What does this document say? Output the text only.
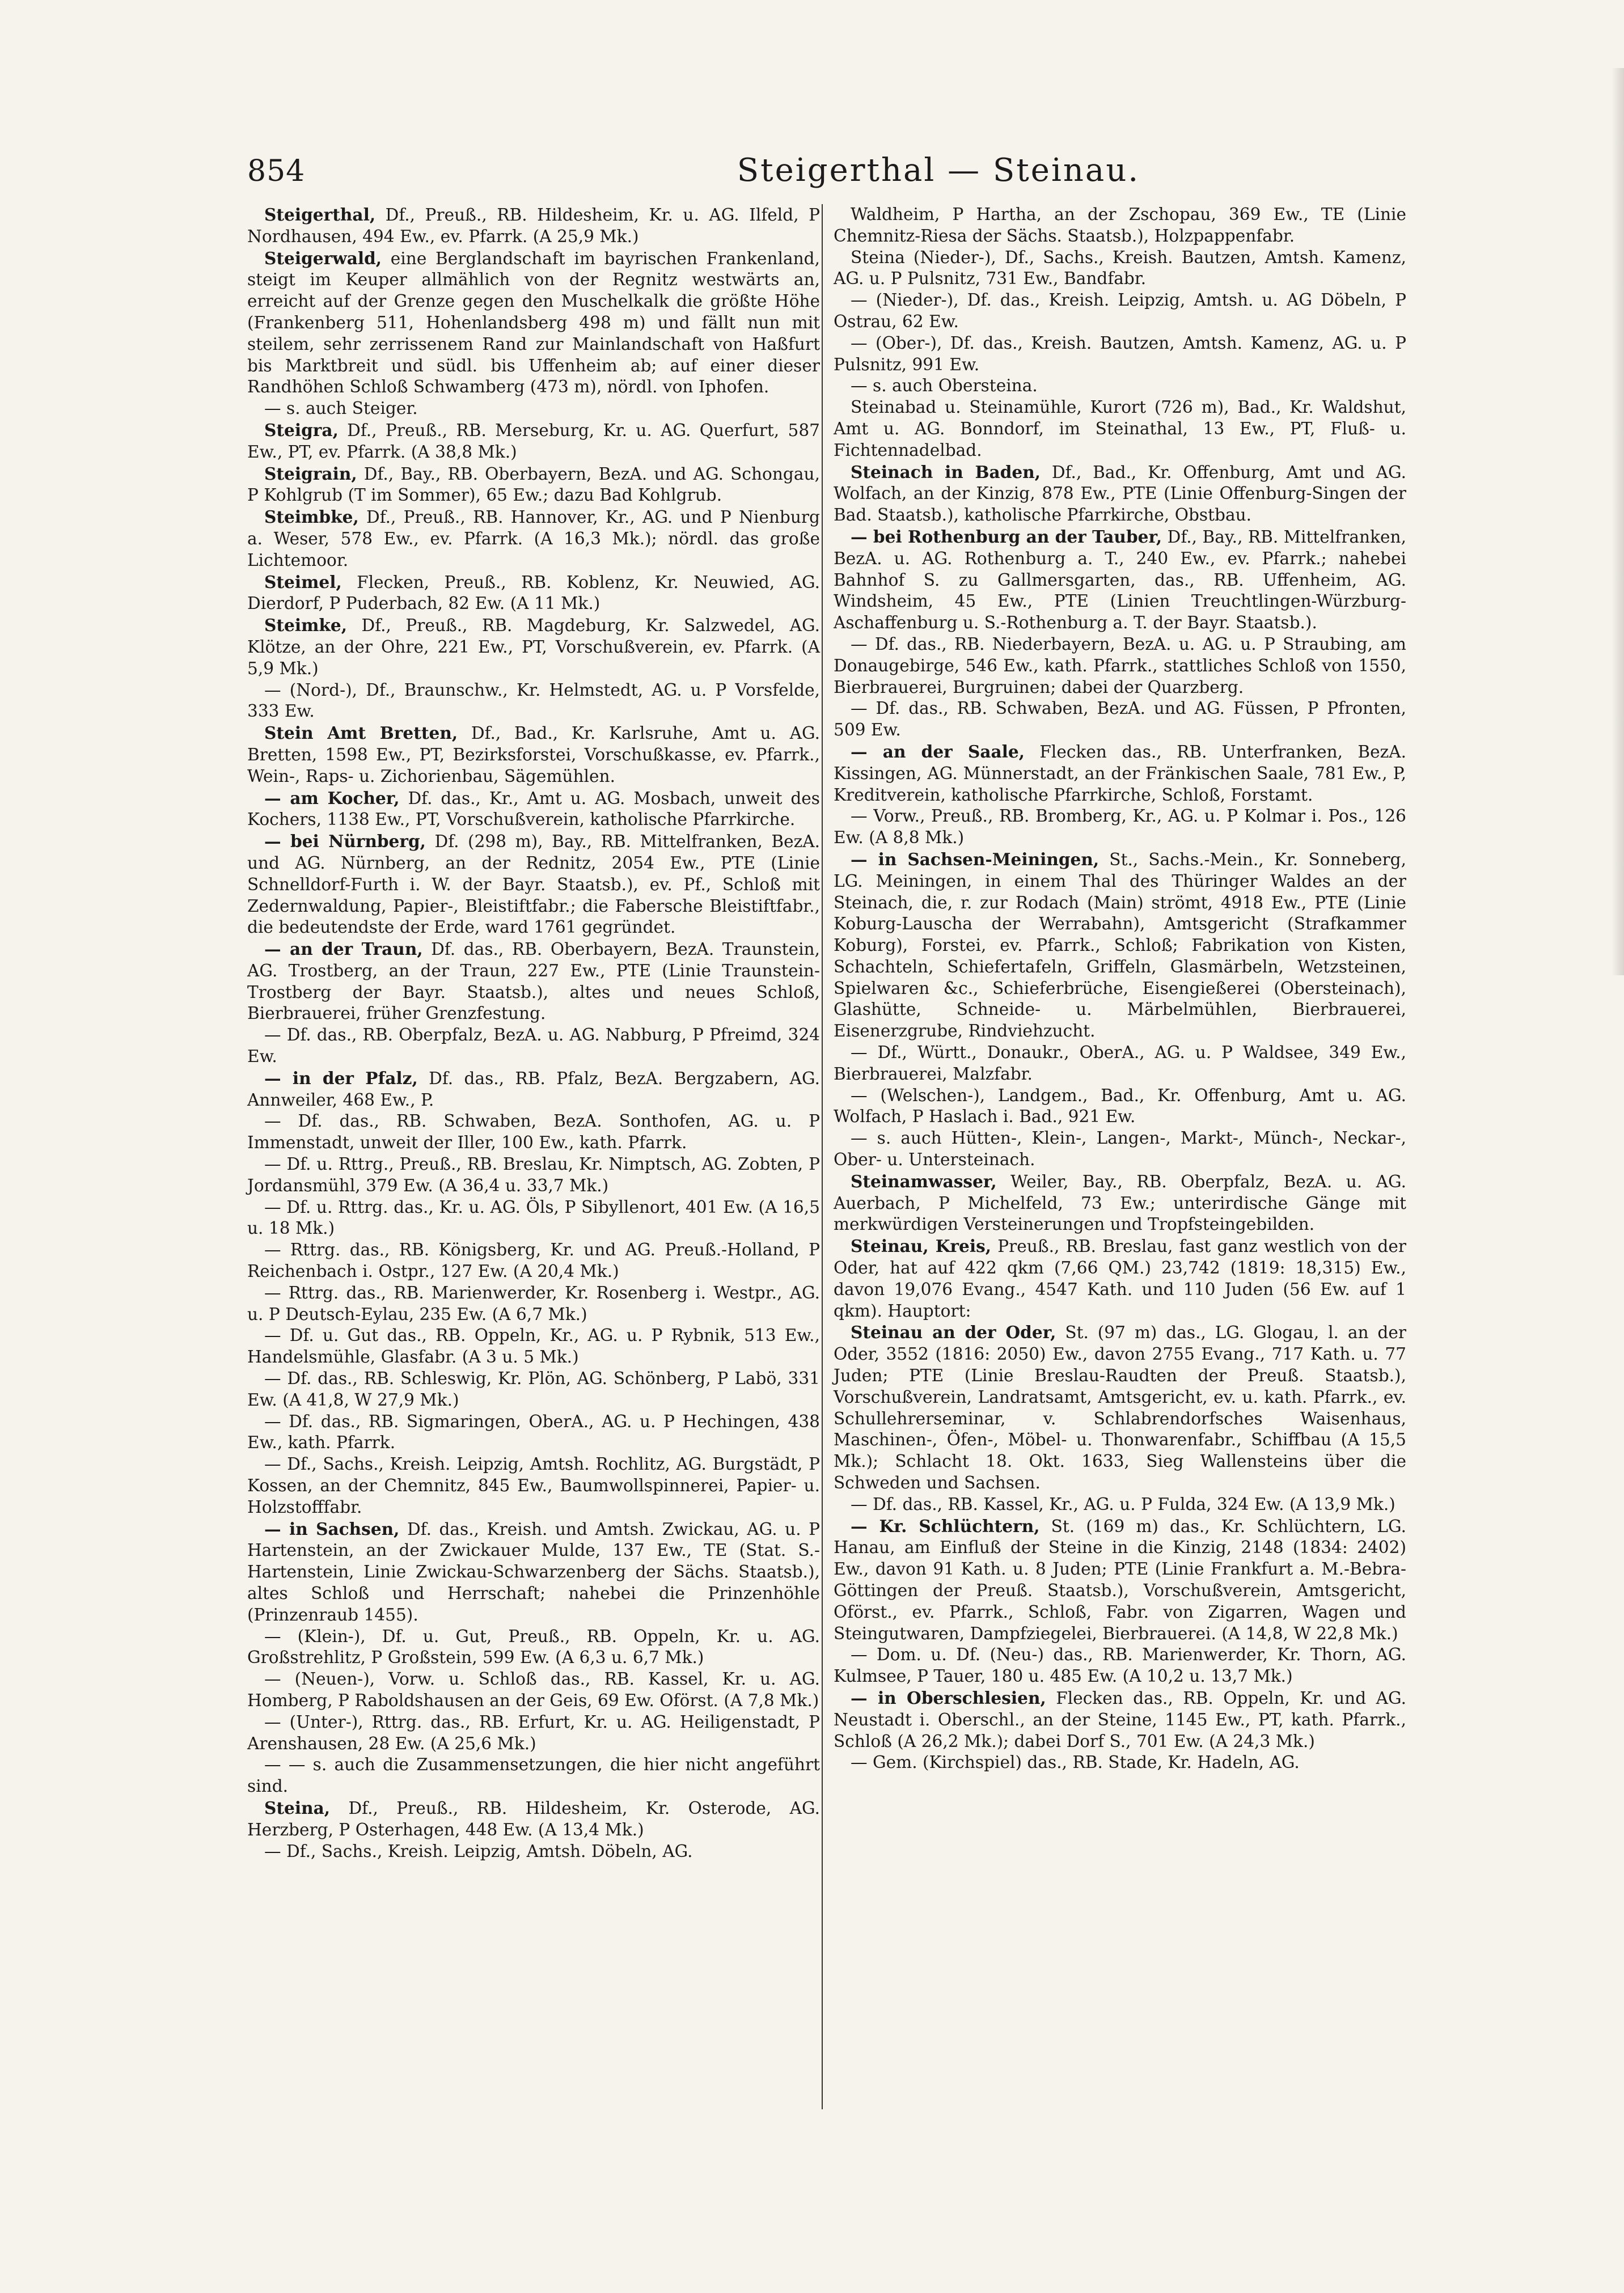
854	Steigerthal — Steinau.

Steigerthal, Df., Preuß., RB. Hildesheim, Kr. u. AG. Ilfeld, P Nordhausen, 494 Ew., ev. Pfarrk. (A 25,9 Mk.)

Steigerwald, eine Berglandschaft im bayrischen Frankenland, steigt im Keuper allmählich von der Regnitz westwärts an, erreicht auf der Grenze gegen den Muschelkalk die größte Höhe (Frankenberg 511, Hohenlandsberg 498 m) und fällt nun mit steilem, sehr zerrissenem Rand zur Mainlandschaft von Haßfurt bis Marktbreit und südl. bis Uffenheim ab; auf einer dieser Randhöhen Schloß Schwamberg (473 m), nördl. von Iphofen.

— s. auch Steiger.

Steigra, Df., Preuß., RB. Merseburg, Kr. u. AG. Querfurt, 587 Ew., PT, ev. Pfarrk. (A 38,8 Mk.)

Steigrain, Df., Bay., RB. Oberbayern, BezA. und AG. Schongau, P Kohlgrub (T im Sommer), 65 Ew.; dazu Bad Kohlgrub.

Steimbke, Df., Preuß., RB. Hannover, Kr., AG. und P Nienburg a. Weser, 578 Ew., ev. Pfarrk. (A 16,3 Mk.); nördl. das große Lichtemoor.

Steimel, Flecken, Preuß., RB. Koblenz, Kr. Neuwied, AG. Dierdorf, P Puderbach, 82 Ew. (A 11 Mk.)

Steimke, Df., Preuß., RB. Magdeburg, Kr. Salzwedel, AG. Klötze, an der Ohre, 221 Ew., PT, Vorschußverein, ev. Pfarrk. (A 5,9 Mk.)

— (Nord-), Df., Braunschw., Kr. Helmstedt, AG. u. P Vorsfelde, 333 Ew.

Stein Amt Bretten, Df., Bad., Kr. Karlsruhe, Amt u. AG. Bretten, 1598 Ew., PT, Bezirksforstei, Vorschußkasse, ev. Pfarrk., Wein-, Raps- u. Zichorienbau, Sägemühlen.

— am Kocher, Df. das., Kr., Amt u. AG. Mosbach, unweit des Kochers, 1138 Ew., PT, Vorschußverein, katholische Pfarrkirche.

— bei Nürnberg, Df. (298 m), Bay., RB. Mittelfranken, BezA. und AG. Nürnberg, an der Rednitz, 2054 Ew., PTE (Linie Schnelldorf-Furth i. W. der Bayr. Staatsb.), ev. Pf., Schloß mit Zedernwaldung, Papier-, Bleistiftfabr.; die Fabersche Bleistiftfabr., die bedeutendste der Erde, ward 1761 gegründet.

— an der Traun, Df. das., RB. Oberbayern, BezA. Traunstein, AG. Trostberg, an der Traun, 227 Ew., PTE (Linie Traunstein-Trostberg der Bayr. Staatsb.), altes und neues Schloß, Bierbrauerei, früher Grenzfestung.

— Df. das., RB. Oberpfalz, BezA. u. AG. Nabburg, P Pfreimd, 324 Ew.

— in der Pfalz, Df. das., RB. Pfalz, BezA. Bergzabern, AG. Annweiler, 468 Ew., P.

— Df. das., RB. Schwaben, BezA. Sonthofen, AG. u. P Immenstadt, unweit der Iller, 100 Ew., kath. Pfarrk.

— Df. u. Rttrg., Preuß., RB. Breslau, Kr. Nimptsch, AG. Zobten, P Jordansmühl, 379 Ew. (A 36,4 u. 33,7 Mk.)

— Df. u. Rttrg. das., Kr. u. AG. Öls, P Sibyllenort, 401 Ew. (A 16,5 u. 18 Mk.)

— Rttrg. das., RB. Königsberg, Kr. und AG. Preuß.-Holland, P Reichenbach i. Ostpr., 127 Ew. (A 20,4 Mk.)

— Rttrg. das., RB. Marienwerder, Kr. Rosenberg i. Westpr., AG. u. P Deutsch-Eylau, 235 Ew. (A 6,7 Mk.)

— Df. u. Gut das., RB. Oppeln, Kr., AG. u. P Rybnik, 513 Ew., Handelsmühle, Glasfabr. (A 3 u. 5 Mk.)

— Df. das., RB. Schleswig, Kr. Plön, AG. Schönberg, P Labö, 331 Ew. (A 41,8, W 27,9 Mk.)

— Df. das., RB. Sigmaringen, OberA., AG. u. P Hechingen, 438 Ew., kath. Pfarrk.

— Df., Sachs., Kreish. Leipzig, Amtsh. Rochlitz, AG. Burgstädt, P Kossen, an der Chemnitz, 845 Ew., Baumwollspinnerei, Papier- u. Holzstofffabr.

— in Sachsen, Df. das., Kreish. und Amtsh. Zwickau, AG. u. P Hartenstein, an der Zwickauer Mulde, 137 Ew., TE (Stat. S.-Hartenstein, Linie Zwickau-Schwarzenberg der Sächs. Staatsb.), altes Schloß und Herrschaft; nahebei die Prinzenhöhle (Prinzenraub 1455).

— (Klein-), Df. u. Gut, Preuß., RB. Oppeln, Kr. u. AG. Großstrehlitz, P Großstein, 599 Ew. (A 6,3 u. 6,7 Mk.)

— (Neuen-), Vorw. u. Schloß das., RB. Kassel, Kr. u. AG. Homberg, P Raboldshausen an der Geis, 69 Ew. Oförst. (A 7,8 Mk.)

— (Unter-), Rttrg. das., RB. Erfurt, Kr. u. AG. Heiligenstadt, P Arenshausen, 28 Ew. (A 25,6 Mk.)

— — s. auch die Zusammensetzungen, die hier nicht angeführt sind.

Steina, Df., Preuß., RB. Hildesheim, Kr. Osterode, AG. Herzberg, P Osterhagen, 448 Ew. (A 13,4 Mk.)

— Df., Sachs., Kreish. Leipzig, Amtsh. Döbeln, AG.

Waldheim, P Hartha, an der Zschopau, 369 Ew., TE (Linie Chemnitz-Riesa der Sächs. Staatsb.), Holzpappenfabr.

Steina (Nieder-), Df., Sachs., Kreish. Bautzen, Amtsh. Kamenz, AG. u. P Pulsnitz, 731 Ew., Bandfabr.

— (Nieder-), Df. das., Kreish. Leipzig, Amtsh. u. AG Döbeln, P Ostrau, 62 Ew.

— (Ober-), Df. das., Kreish. Bautzen, Amtsh. Kamenz, AG. u. P Pulsnitz, 991 Ew.

— s. auch Obersteina.

Steinabad u. Steinamühle, Kurort (726 m), Bad., Kr. Waldshut, Amt u. AG. Bonndorf, im Steinathal, 13 Ew., PT, Fluß- u. Fichtennadelbad.

Steinach in Baden, Df., Bad., Kr. Offenburg, Amt und AG. Wolfach, an der Kinzig, 878 Ew., PTE (Linie Offenburg-Singen der Bad. Staatsb.), katholische Pfarrkirche, Obstbau.

— bei Rothenburg an der Tauber, Df., Bay., RB. Mittelfranken, BezA. u. AG. Rothenburg a. T., 240 Ew., ev. Pfarrk.; nahebei Bahnhof S. zu Gallmersgarten, das., RB. Uffenheim, AG. Windsheim, 45 Ew., PTE (Linien Treuchtlingen-Würzburg-Aschaffenburg u. S.-Rothenburg a. T. der Bayr. Staatsb.).

— Df. das., RB. Niederbayern, BezA. u. AG. u. P Straubing, am Donaugebirge, 546 Ew., kath. Pfarrk., stattliches Schloß von 1550, Bierbrauerei, Burgruinen; dabei der Quarzberg.

— Df. das., RB. Schwaben, BezA. und AG. Füssen, P Pfronten, 509 Ew.

— an der Saale, Flecken das., RB. Unterfranken, BezA. Kissingen, AG. Münnerstadt, an der Fränkischen Saale, 781 Ew., P, Kreditverein, katholische Pfarrkirche, Schloß, Forstamt.

— Vorw., Preuß., RB. Bromberg, Kr., AG. u. P Kolmar i. Pos., 126 Ew. (A 8,8 Mk.)

— in Sachsen-Meiningen, St., Sachs.-Mein., Kr. Sonneberg, LG. Meiningen, in einem Thal des Thüringer Waldes an der Steinach, die, r. zur Rodach (Main) strömt, 4918 Ew., PTE (Linie Koburg-Lauscha der Werrabahn), Amtsgericht (Strafkammer Koburg), Forstei, ev. Pfarrk., Schloß; Fabrikation von Kisten, Schachteln, Schiefertafeln, Griffeln, Glasmärbeln, Wetzsteinen, Spielwaren &c., Schieferbrüche, Eisengießerei (Obersteinach), Glashütte, Schneide- u. Märbelmühlen, Bierbrauerei, Eisenerzgrube, Rindviehzucht.

— Df., Württ., Donaukr., OberA., AG. u. P Waldsee, 349 Ew., Bierbrauerei, Malzfabr.

— (Welschen-), Landgem., Bad., Kr. Offenburg, Amt u. AG. Wolfach, P Haslach i. Bad., 921 Ew.

— s. auch Hütten-, Klein-, Langen-, Markt-, Münch-, Neckar-, Ober- u. Untersteinach.

Steinamwasser, Weiler, Bay., RB. Oberpfalz, BezA. u. AG. Auerbach, P Michelfeld, 73 Ew.; unterirdische Gänge mit merkwürdigen Versteinerungen und Tropfsteingebilden.

Steinau, Kreis, Preuß., RB. Breslau, fast ganz westlich von der Oder, hat auf 422 qkm (7,66 QM.) 23,742 (1819: 18,315) Ew., davon 19,076 Evang., 4547 Kath. und 110 Juden (56 Ew. auf 1 qkm). Hauptort:

Steinau an der Oder, St. (97 m) das., LG. Glogau, l. an der Oder, 3552 (1816: 2050) Ew., davon 2755 Evang., 717 Kath. u. 77 Juden; PTE (Linie Breslau-Raudten der Preuß. Staatsb.), Vorschußverein, Landratsamt, Amtsgericht, ev. u. kath. Pfarrk., ev. Schullehrerseminar, v. Schlabrendorfsches Waisenhaus, Maschinen-, Öfen-, Möbel- u. Thonwarenfabr., Schiffbau (A 15,5 Mk.); Schlacht 18. Okt. 1633, Sieg Wallensteins über die Schweden und Sachsen.

— Df. das., RB. Kassel, Kr., AG. u. P Fulda, 324 Ew. (A 13,9 Mk.)

— Kr. Schlüchtern, St. (169 m) das., Kr. Schlüchtern, LG. Hanau, am Einfluß der Steine in die Kinzig, 2148 (1834: 2402) Ew., davon 91 Kath. u. 8 Juden; PTE (Linie Frankfurt a. M.-Bebra-Göttingen der Preuß. Staatsb.), Vorschußverein, Amtsgericht, Oförst., ev. Pfarrk., Schloß, Fabr. von Zigarren, Wagen und Steingutwaren, Dampfziegelei, Bierbrauerei. (A 14,8, W 22,8 Mk.)

— Dom. u. Df. (Neu-) das., RB. Marienwerder, Kr. Thorn, AG. Kulmsee, P Tauer, 180 u. 485 Ew. (A 10,2 u. 13,7 Mk.)

— in Oberschlesien, Flecken das., RB. Oppeln, Kr. und AG. Neustadt i. Oberschl., an der Steine, 1145 Ew., PT, kath. Pfarrk., Schloß (A 26,2 Mk.); dabei Dorf S., 701 Ew. (A 24,3 Mk.)

— Gem. (Kirchspiel) das., RB. Stade, Kr. Hadeln, AG.
